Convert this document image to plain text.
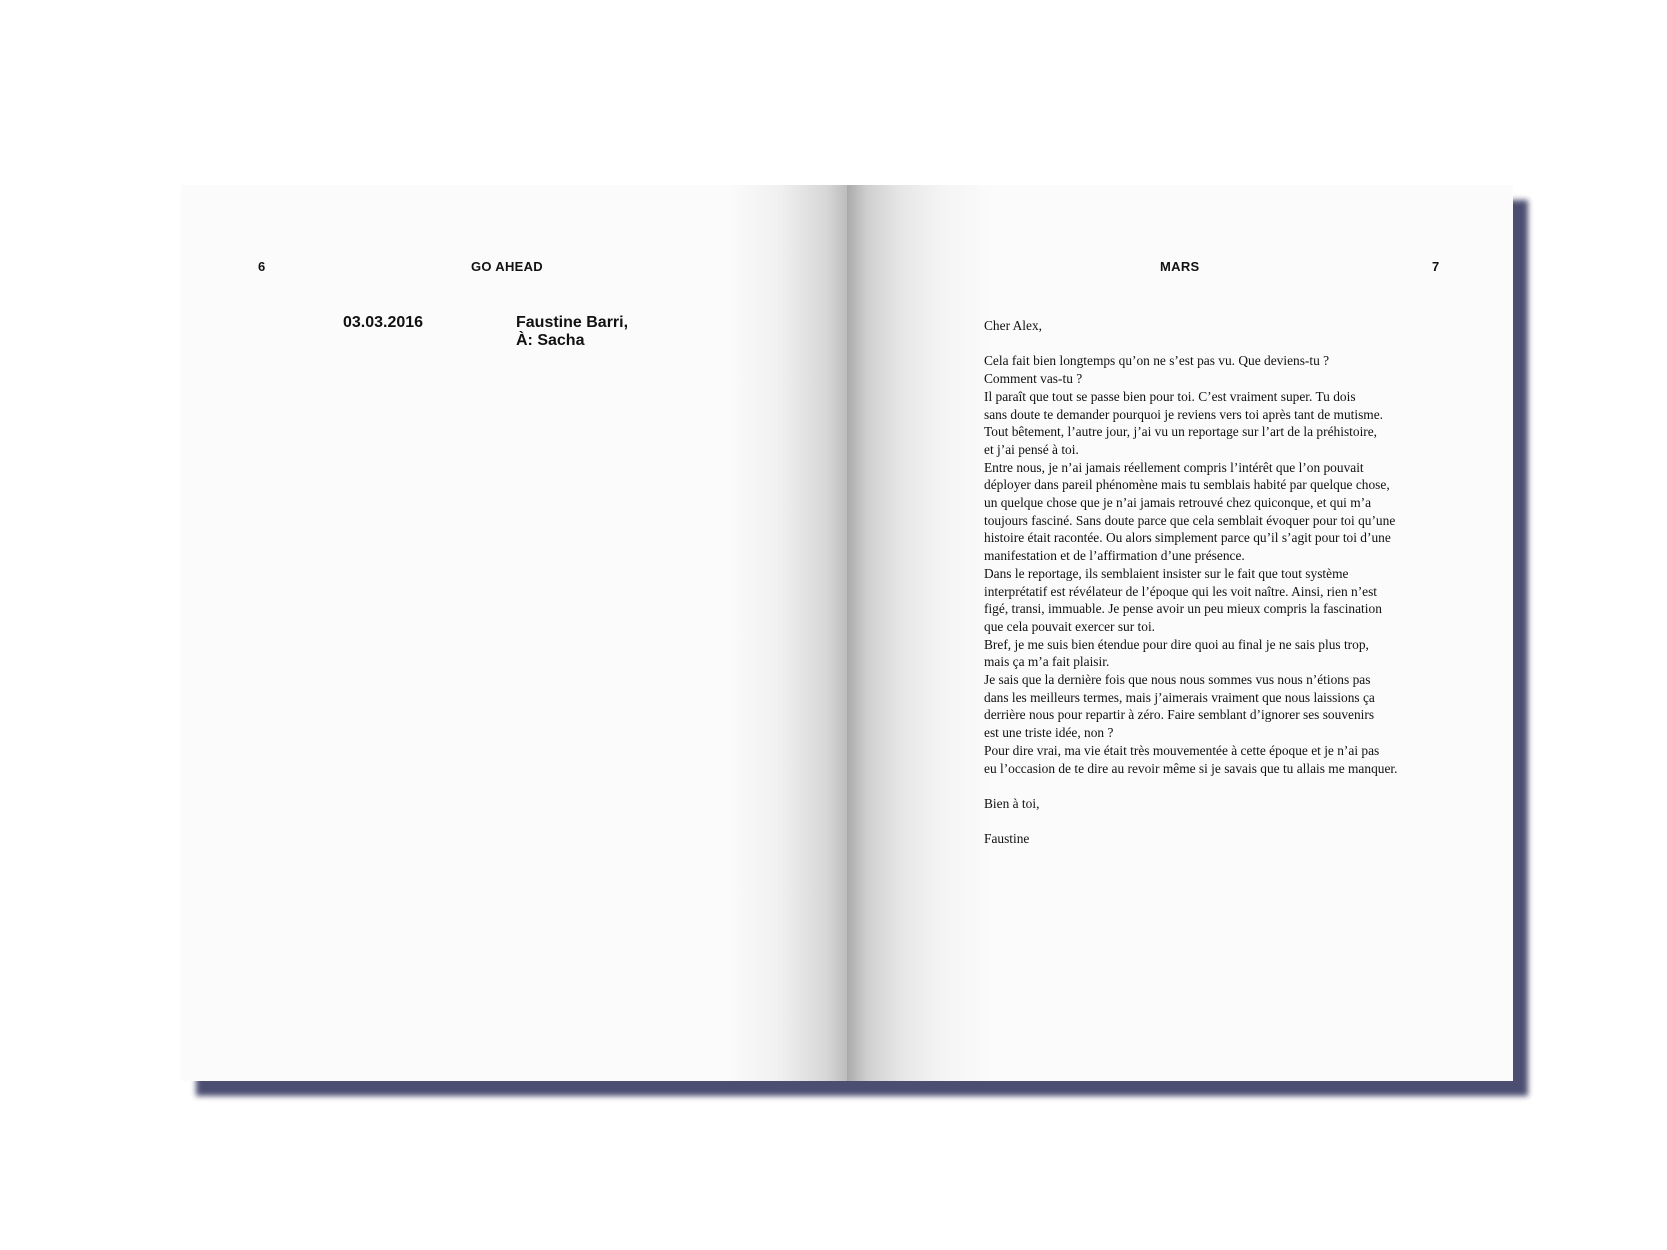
6	GO AHEAD
03.03.2016	Faustine Barri,
À: Sacha
MARS	7
Cher Alex,
Cela fait bien longtemps qu’on ne s’est pas vu. Que deviens-tu ?
Comment vas-tu ?
Il paraît que tout se passe bien pour toi. C’est vraiment super. Tu dois
sans doute te demander pourquoi je reviens vers toi après tant de mutisme.
Tout bêtement, l’autre jour, j’ai vu un reportage sur l’art de la préhistoire,
et j’ai pensé à toi.
Entre nous, je n’ai jamais réellement compris l’intérêt que l’on pouvait
déployer dans pareil phénomène mais tu semblais habité par quelque chose,
un quelque chose que je n’ai jamais retrouvé chez quiconque, et qui m’a
toujours fasciné. Sans doute parce que cela semblait évoquer pour toi qu’une
histoire était racontée. Ou alors simplement parce qu’il s’agit pour toi d’une
manifestation et de l’affirmation d’une présence.
Dans le reportage, ils semblaient insister sur le fait que tout système
interprétatif est révélateur de l’époque qui les voit naître. Ainsi, rien n’est
figé, transi, immuable. Je pense avoir un peu mieux compris la fascination
que cela pouvait exercer sur toi.
Bref, je me suis bien étendue pour dire quoi au final je ne sais plus trop,
mais ça m’a fait plaisir.
Je sais que la dernière fois que nous nous sommes vus nous n’étions pas
dans les meilleurs termes, mais j’aimerais vraiment que nous laissions ça
derrière nous pour repartir à zéro. Faire semblant d’ignorer ses souvenirs
est une triste idée, non ?
Pour dire vrai, ma vie était très mouvementée à cette époque et je n’ai pas
eu l’occasion de te dire au revoir même si je savais que tu allais me manquer.
Bien à toi,
Faustine
